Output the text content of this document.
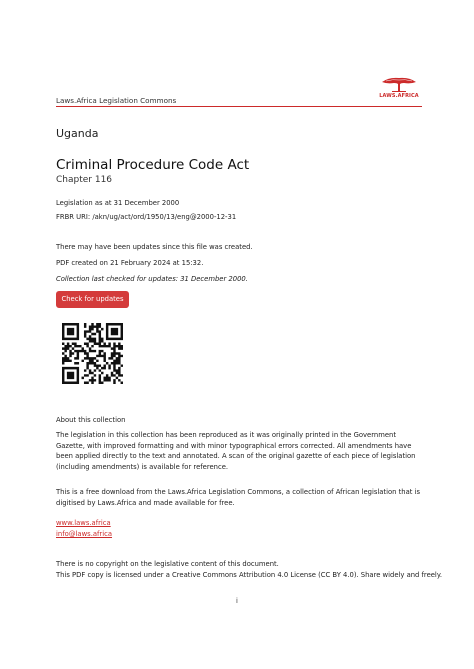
Laws.Africa Legislation Commons	LAWS.AFRICA
Uganda
Criminal Procedure Code Act
Chapter 116
Legislation as at 31 December 2000
FRBR URI: /akn/ug/act/ord/1950/13/eng@2000-12-31
There may have been updates since this file was created.
PDF created on 21 February 2024 at 15:32.
Collection last checked for updates: 31 December 2000.
Check for updates
About this collection
The legislation in this collection has been reproduced as it was originally printed in the Government Gazette, with improved formatting and with minor typographical errors corrected. All amendments have been applied directly to the text and annotated. A scan of the original gazette of each piece of legislation (including amendments) is available for reference.
This is a free download from the Laws.Africa Legislation Commons, a collection of African legislation that is digitised by Laws.Africa and made available for free.
www.laws.africa
info@laws.africa
There is no copyright on the legislative content of this document.
This PDF copy is licensed under a Creative Commons Attribution 4.0 License (CC BY 4.0). Share widely and freely.
i
